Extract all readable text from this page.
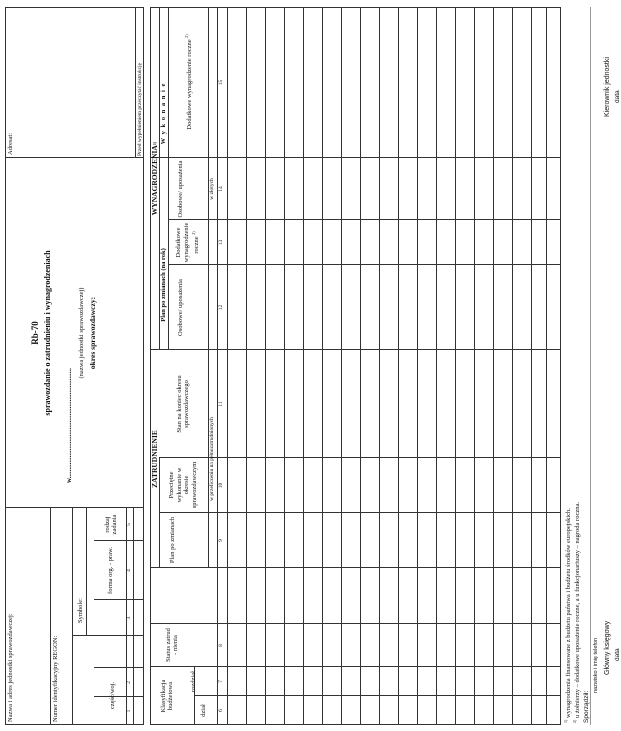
Nazwa i adres jednostki sprawozdawczej:	Numer identyfikacyjny REGON:
Symbole:
część/woj.
forma org. - praw.
rodzaj zadania
1
2
3
4
5
Rb-70 sprawozdanie o zatrudnieniu i wynagrodzeniach
w...............................................................
(nazwa jednostki sprawozdawczej) okres sprawozdawczy:
Adresat:	Przed wypełnieniem przeczytać instrukcję
ZATRUDNIENIE
WYNAGRODZENIA
1)
Plan po zmianach (na rok)
W y k o n a n i e
Klasyfikacja budżetowa
dział
rozdział
Status zatrud - nienia
Plan po zmianach
Przeciętne wykonanie w okresie sprawozdawczym
Stan na koniec okresu sprawozdawczego
Osobowe/ uposażenia
Dodatkowe wynagrodzenie roczne $^{2)}$
Osobowe/ uposażenia
Dodatkowe wynagrodzenie roczne $^{2)}$
w przeliczeniu na pełnozatrudnionych
w złotych
6
7
8
9
10
11
12
13
14
15
$^{1)}$ wynagrodzenia finansowane z budżetu państwa i budżetu środków europejskich.
$^{2)}$ u żołnierzy – dodatkowe uposażenie roczne, a u funkcjonariuszy – nagroda roczna. Sporządził:
nazwisko i imię telefon Główny księgowy
Kierownik jednostki
data
data
